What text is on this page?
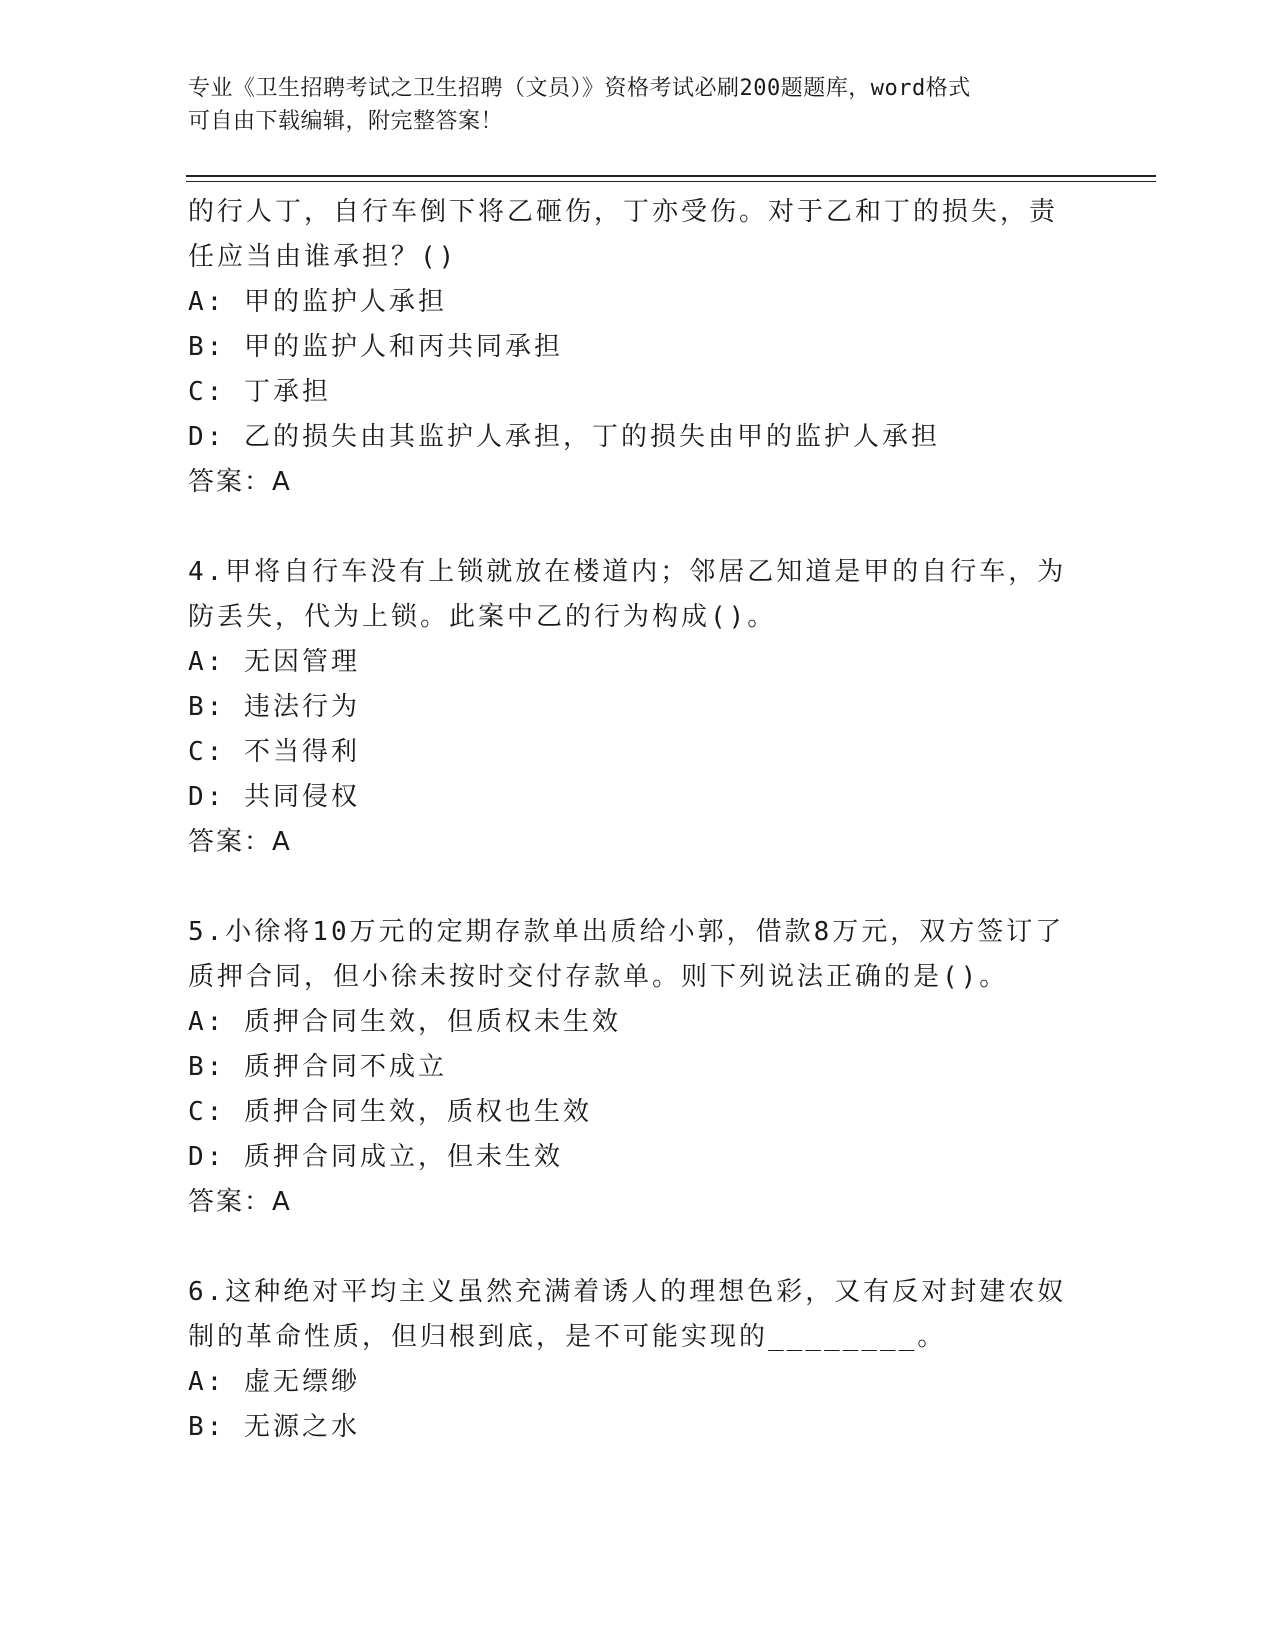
专业《卫生招聘考试之卫生招聘（文员）》资格考试必刷200题题库，word格式
可自由下载编辑，附完整答案！
的行人丁，自行车倒下将乙砸伤，丁亦受伤。对于乙和丁的损失，责
任应当由谁承担？()
A: 甲的监护人承担
B: 甲的监护人和丙共同承担
C: 丁承担
D: 乙的损失由其监护人承担，丁的损失由甲的监护人承担
答案：A
4.甲将自行车没有上锁就放在楼道内；邻居乙知道是甲的自行车，为
防丢失，代为上锁。此案中乙的行为构成()。
A: 无因管理
B: 违法行为
C: 不当得利
D: 共同侵权
答案：A
5.小徐将10万元的定期存款单出质给小郭，借款8万元，双方签订了
质押合同，但小徐未按时交付存款单。则下列说法正确的是()。
A: 质押合同生效，但质权未生效
B: 质押合同不成立
C: 质押合同生效，质权也生效
D: 质押合同成立，但未生效
答案：A
6.这种绝对平均主义虽然充满着诱人的理想色彩，又有反对封建农奴
制的革命性质，但归根到底，是不可能实现的________。
A: 虚无缥缈
B: 无源之水
